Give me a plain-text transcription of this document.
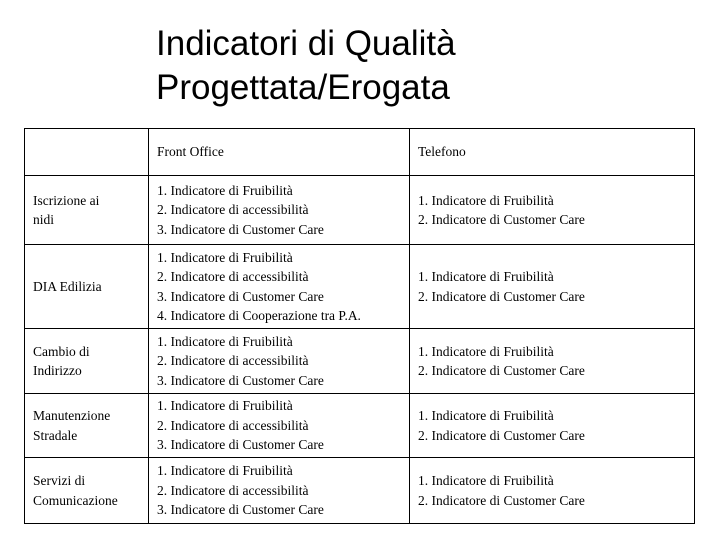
Indicatori di Qualità
Progettata/Erogata
	Front Office	Telefono

Iscrizione ai
nidi	1. Indicatore di Fruibilità
2. Indicatore di accessibilità
3. Indicatore di Customer Care	1. Indicatore di Fruibilità
2. Indicatore di Customer Care

DIA Edilizia	1. Indicatore di Fruibilità
2. Indicatore di accessibilità
3. Indicatore di Customer Care
4. Indicatore di Cooperazione tra P.A.	1. Indicatore di Fruibilità
2. Indicatore di Customer Care

Cambio di
Indirizzo	1. Indicatore di Fruibilità
2. Indicatore di accessibilità
3. Indicatore di Customer Care	1. Indicatore di Fruibilità
2. Indicatore di Customer Care

Manutenzione
Stradale	1. Indicatore di Fruibilità
2. Indicatore di accessibilità
3. Indicatore di Customer Care	1. Indicatore di Fruibilità
2. Indicatore di Customer Care

Servizi di
Comunicazione	1. Indicatore di Fruibilità
2. Indicatore di accessibilità
3. Indicatore di Customer Care	1. Indicatore di Fruibilità
2. Indicatore di Customer Care
